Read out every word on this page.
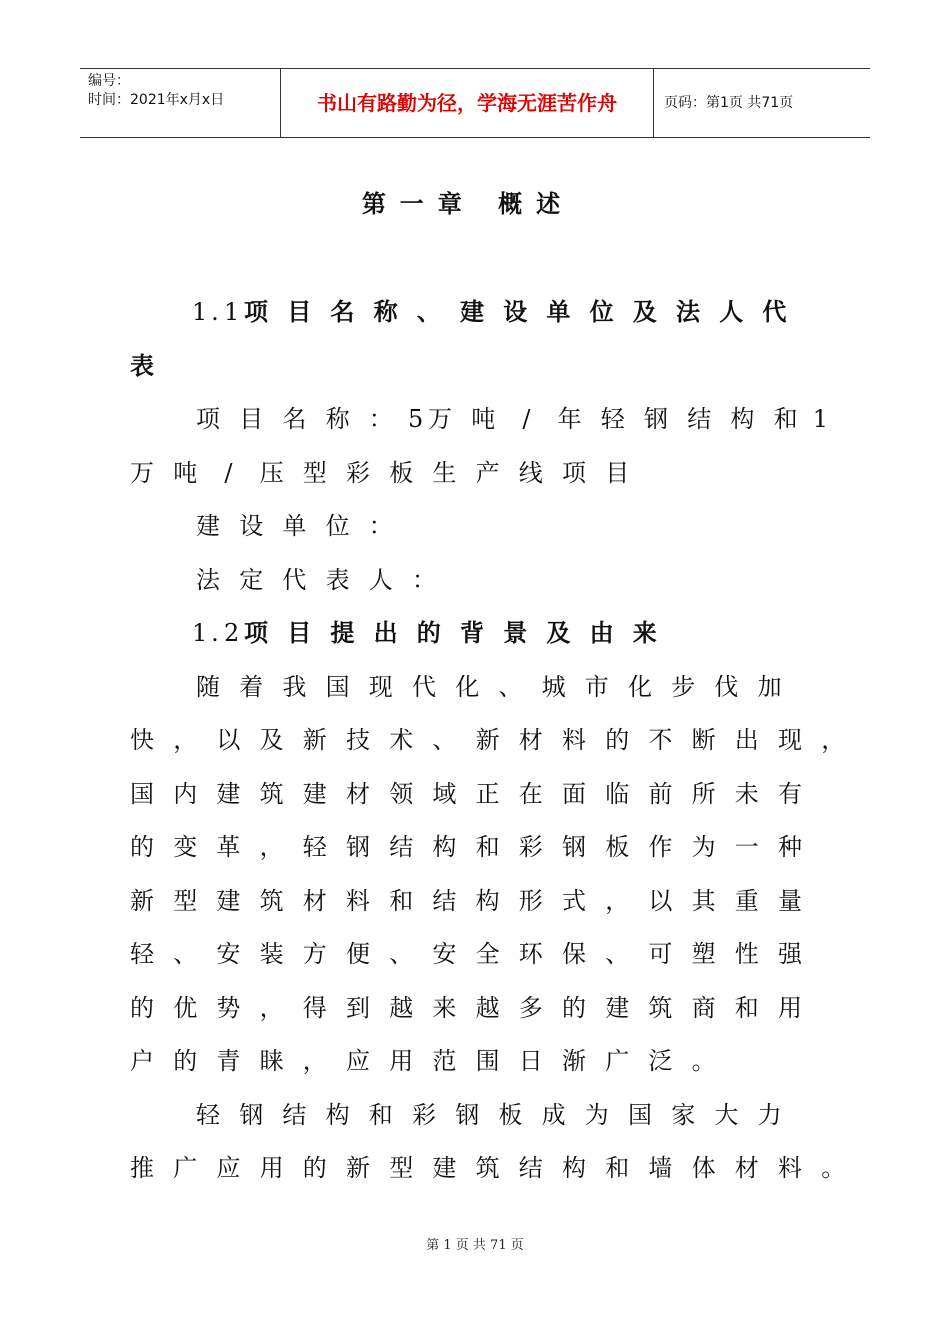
编号：
时间：2021年x月x日	书山有路勤为径，学海无涯苦作舟	页码：第1页 共71页
第一章 概述
1 . 1 项 目 名 称 、 建 设 单 位 及 法 人 代
表
项 目 名 称 ： 5 万 吨	/	年 轻 钢 结 构 和 1
万 吨	/	压 型 彩 板 生 产 线 项 目
建 设 单 位 ：
法 定 代 表 人 ：
1 . 2 项 目 提 出 的 背 景 及 由 来
随 着 我 国 现 代 化 、 城 市 化 步 伐 加
快 ， 以 及 新 技 术 、 新 材 料 的 不 断 出 现 ，
国 内 建 筑 建 材 领 域 正 在 面 临 前 所 未 有
的 变 革 ， 轻 钢 结 构 和 彩 钢 板 作 为 一 种
新 型 建 筑 材 料 和 结 构 形 式 ， 以 其 重 量
轻 、 安 装 方 便 、 安 全 环 保 、 可 塑 性 强
的 优 势 ， 得 到 越 来 越 多 的 建 筑 商 和 用
户 的 青 睐 ， 应 用 范 围 日 渐 广 泛 。
轻 钢 结 构 和 彩 钢 板 成 为 国 家 大 力
推 广 应 用 的 新 型 建 筑 结 构 和 墙 体 材 料 。
第 1 页 共 71 页
